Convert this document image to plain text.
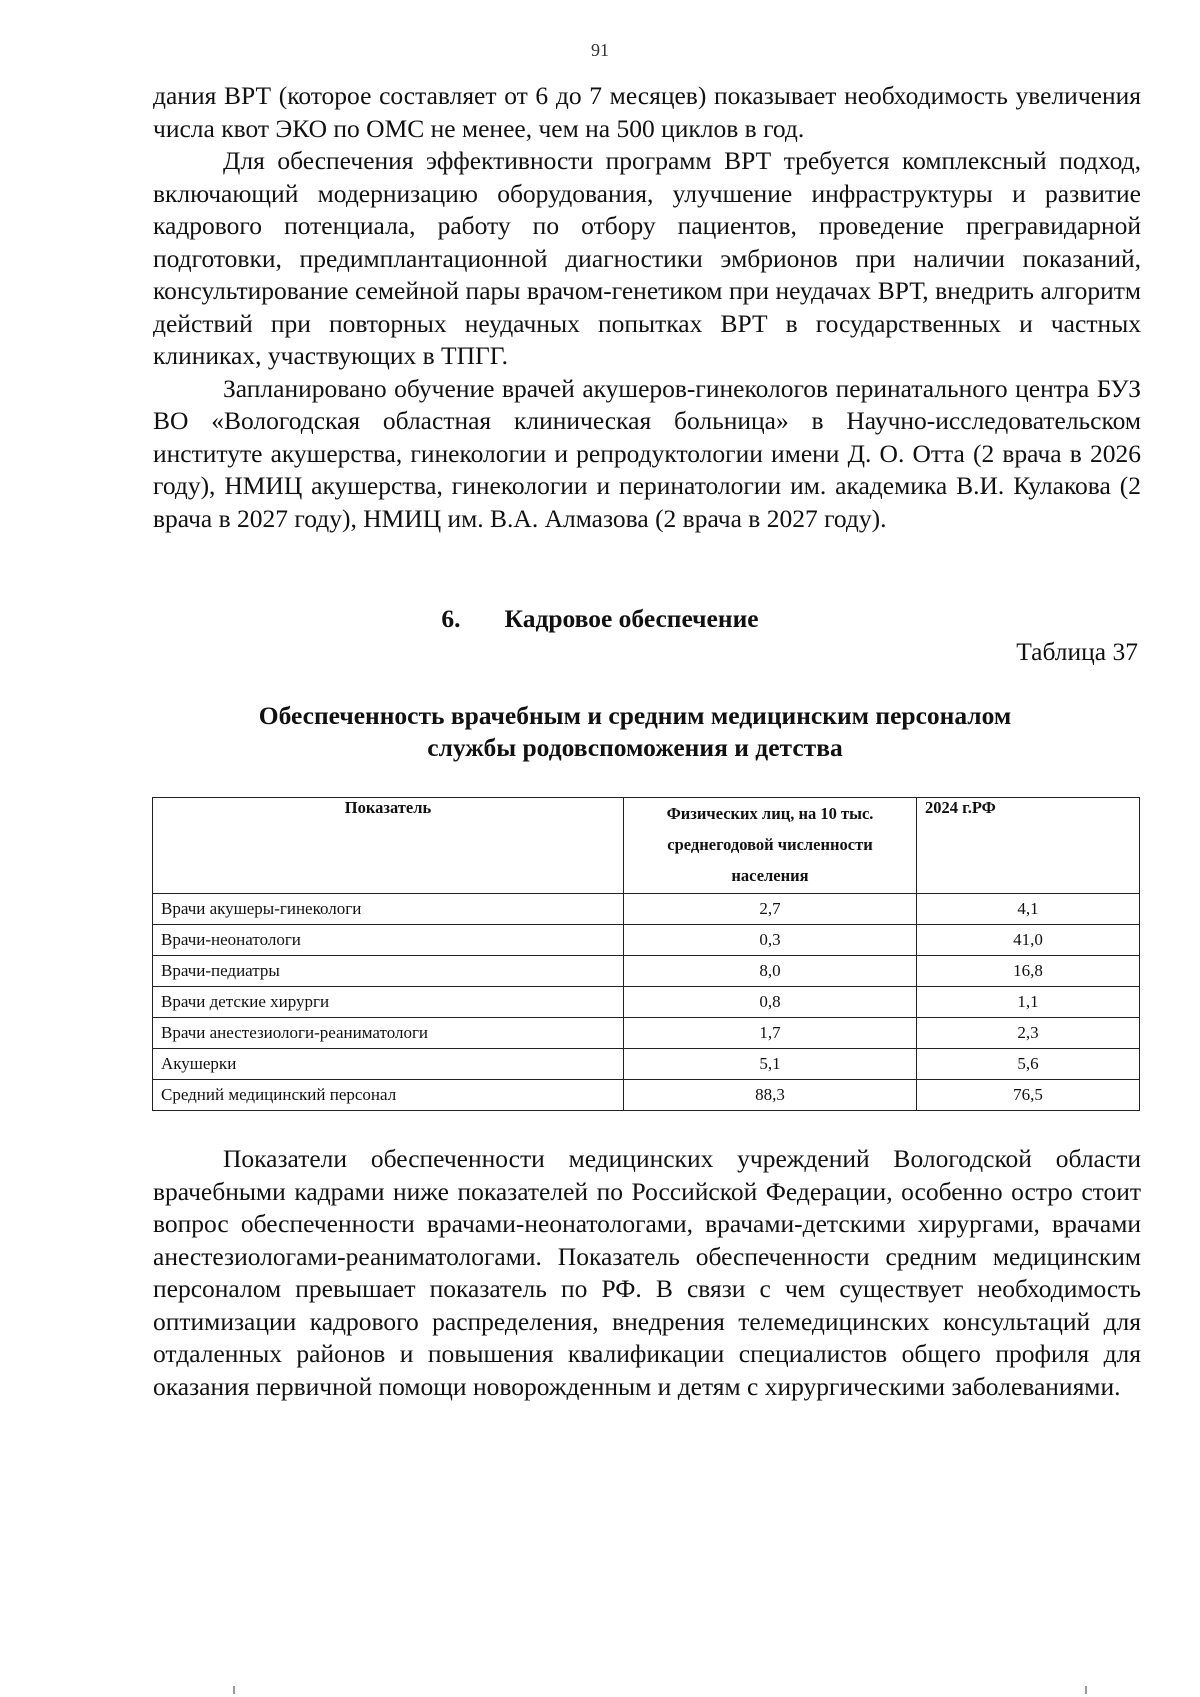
91

дания ВРТ (которое составляет от 6 до 7 месяцев) показывает необходимость увеличения числа квот ЭКО по ОМС не менее, чем на 500 циклов в год.

Для обеспечения эффективности программ ВРТ требуется комплексный подход, включающий модернизацию оборудования, улучшение инфраструктуры и развитие кадрового потенциала, работу по отбору пациентов, проведение прегравидарной подготовки, предимплантационной диагностики эмбрионов при наличии показаний, консультирование семейной пары врачом-генетиком при неудачах ВРТ, внедрить алгоритм действий при повторных неудачных попытках ВРТ в государственных и частных клиниках, участвующих в ТПГГ.

Запланировано обучение врачей акушеров-гинекологов перинатального центра БУЗ ВО «Вологодская областная клиническая больница» в Научно-исследовательском институте акушерства, гинекологии и репродуктологии имени Д. О. Отта (2 врача в 2026 году), НМИЦ акушерства, гинекологии и перинатологии им. академика В.И. Кулакова (2 врача в 2027 году), НМИЦ им. В.А. Алмазова (2 врача в 2027 году).

6. Кадровое обеспечение
Таблица 37
Обеспеченность врачебным и средним медицинским персоналом
службы родовспоможения и детства
Показатель	Физических лиц, на 10 тыс. среднегодовой численности населения	2024 г.РФ
Врачи акушеры-гинекологи	2,7	4,1
Врачи-неонатологи	0,3	41,0
Врачи-педиатры	8,0	16,8
Врачи детские хирурги	0,8	1,1
Врачи анестезиологи-реаниматологи	1,7	2,3
Акушерки	5,1	5,6
Средний медицинский персонал	88,3	76,5

Показатели обеспеченности медицинских учреждений Вологодской области врачебными кадрами ниже показателей по Российской Федерации, особенно остро стоит вопрос обеспеченности врачами-неонатологами, врачами-детскими хирургами, врачами анестезиологами-реаниматологами. Показатель обеспеченности средним медицинским персоналом превышает показатель по РФ. В связи с чем существует необходимость оптимизации кадрового распределения, внедрения телемедицинских консультаций для отдаленных районов и повышения квалификации специалистов общего профиля для оказания первичной помощи новорожденным и детям с хирургическими заболеваниями.
